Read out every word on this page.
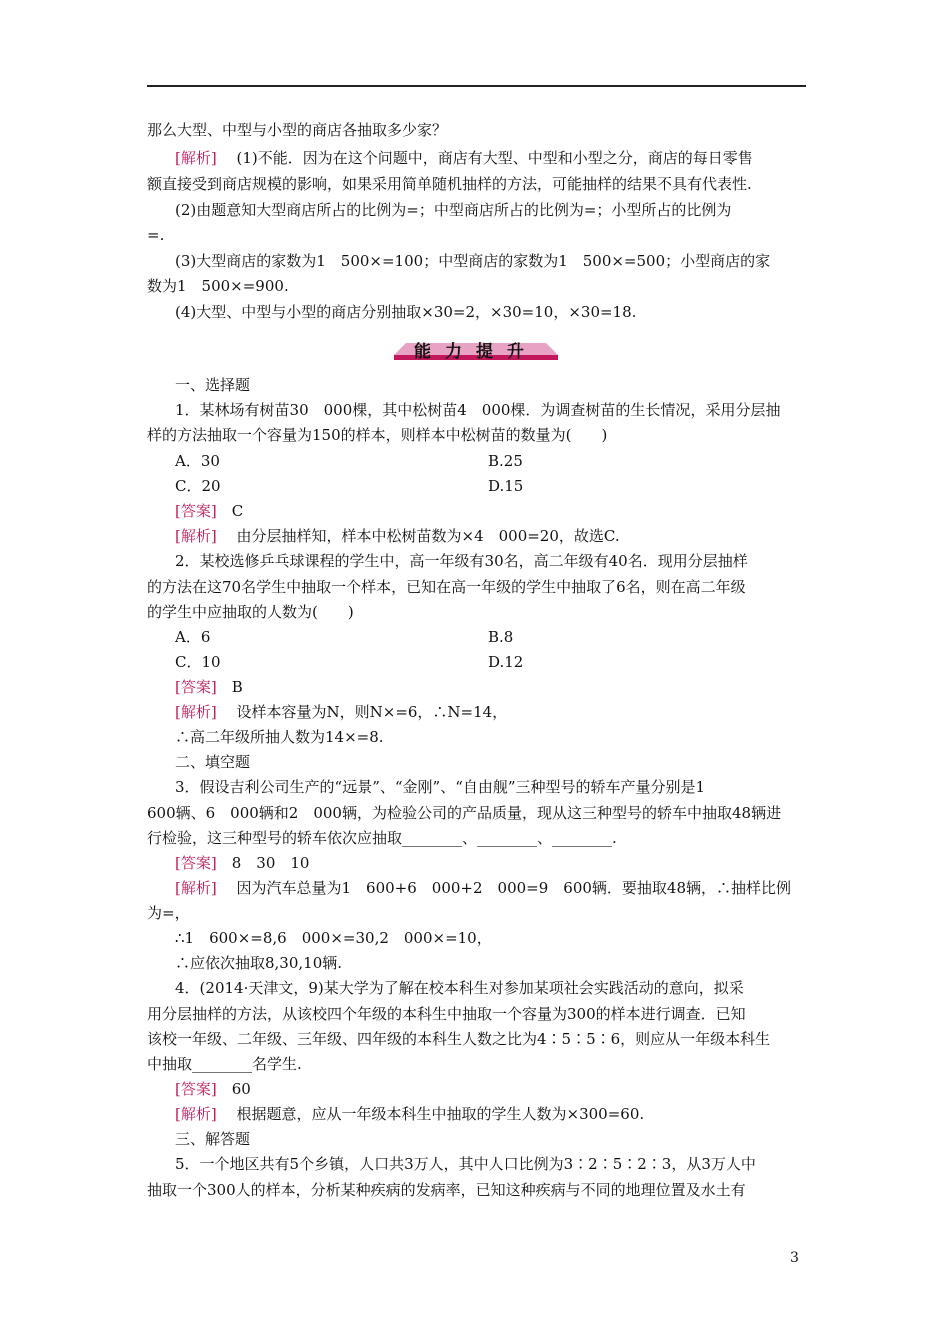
那么大型、中型与小型的商店各抽取多少家？
[解析]　 (1)不能．因为在这个问题中，商店有大型、中型和小型之分，商店的每日零售
额直接受到商店规模的影响，如果采用简单随机抽样的方法，可能抽样的结果不具有代表性.
(2)由题意知大型商店所占的比例为=；中型商店所占的比例为=；小型所占的比例为
=.
(3)大型商店的家数为1　500×=100；中型商店的家数为1　500×=500；小型商店的家
数为1　500×=900.
(4)大型、中型与小型的商店分别抽取×30=2，×30=10，×30=18.
能力提升
一、选择题
1．某林场有树苗30　000棵，其中松树苗4　000棵．为调查树苗的生长情况，采用分层抽
样的方法抽取一个容量为150的样本，则样本中松树苗的数量为(　　)
A．30	B.25
C．20	D.15
[答案]　 C
[解析]　 由分层抽样知，样本中松树苗数为×4　000=20，故选C.
2．某校选修乒乓球课程的学生中，高一年级有30名，高二年级有40名．现用分层抽样
的方法在这70名学生中抽取一个样本，已知在高一年级的学生中抽取了6名，则在高二年级
的学生中应抽取的人数为(　　)
A．6	B.8
C．10	D.12
[答案]　 B
[解析]　 设样本容量为N，则N×=6，∴N=14，
∴高二年级所抽人数为14×=8.
二、填空题
3．假设吉利公司生产的“远景”、“金刚”、“自由舰”三种型号的轿车产量分别是1
600辆、6　000辆和2　000辆，为检验公司的产品质量，现从这三种型号的轿车中抽取48辆进
行检验，这三种型号的轿车依次应抽取________、________、________.
[答案]　 8　30　10
[解析]　 因为汽车总量为1　600+6　000+2　000=9　600辆．要抽取48辆，∴抽样比例
为=，
∴1　600×=8,6　000×=30,2　000×=10，
∴应依次抽取8,30,10辆.
4．(2014·天津文，9)某大学为了解在校本科生对参加某项社会实践活动的意向，拟采
用分层抽样的方法，从该校四个年级的本科生中抽取一个容量为300的样本进行调查．已知
该校一年级、二年级、三年级、四年级的本科生人数之比为4∶5∶5∶6，则应从一年级本科生
中抽取________名学生.
[答案]　 60
[解析]　 根据题意，应从一年级本科生中抽取的学生人数为×300=60.
三、解答题
5．一个地区共有5个乡镇，人口共3万人，其中人口比例为3∶2∶5∶2∶3，从3万人中
抽取一个300人的样本，分析某种疾病的发病率，已知这种疾病与不同的地理位置及水土有
3
